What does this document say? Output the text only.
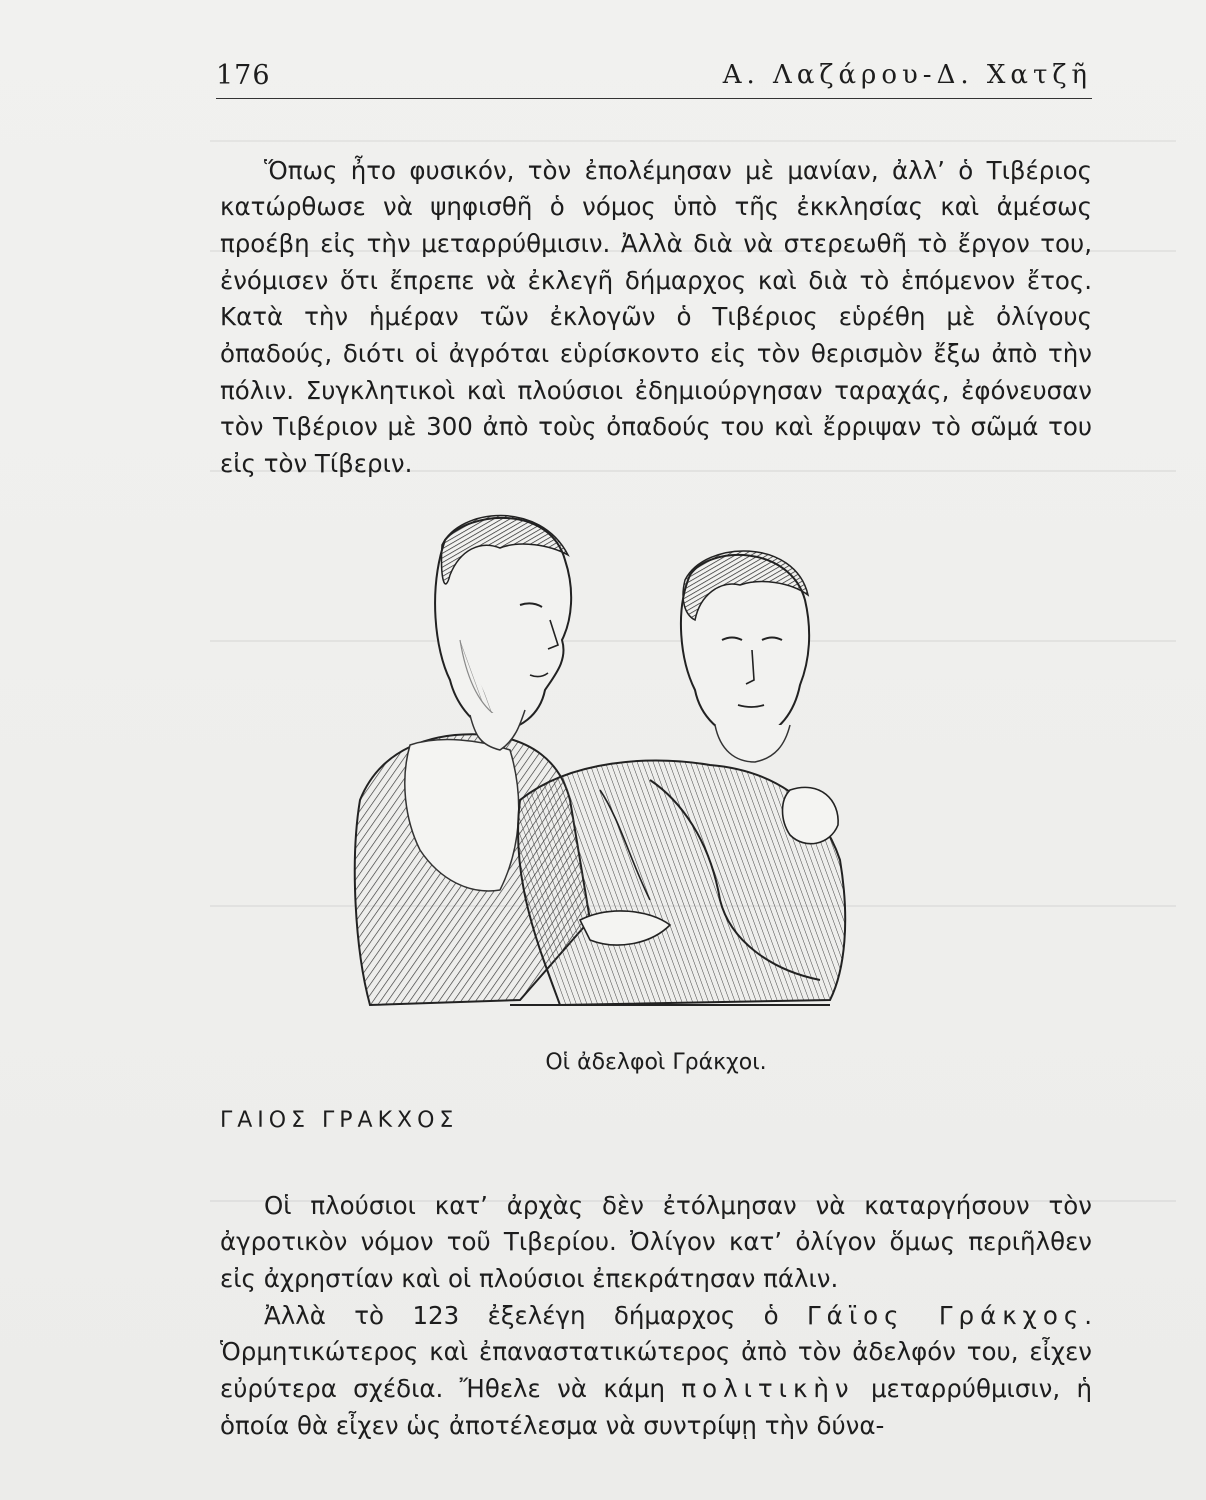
176	Α. Λαζάρου-Δ. Χατζῆ

Ὅπως ἦτο φυσικόν, τὸν ἐπολέμησαν μὲ μανίαν, ἀλλ’ ὁ Τιβέριος κατώρθωσε νὰ ψηφισθῆ ὁ νόμος ὑπὸ τῆς ἐκκλησίας καὶ ἀμέσως προέβη εἰς τὴν μεταρρύθμισιν. Ἀλλὰ διὰ νὰ στερεωθῆ τὸ ἔργον του, ἐνόμισεν ὅτι ἔπρεπε νὰ ἐκλεγῆ δήμαρχος καὶ διὰ τὸ ἑπόμενον ἔτος. Κατὰ τὴν ἡμέραν τῶν ἐκλογῶν ὁ Τιβέριος εὑρέθη μὲ ὀλίγους ὀπαδούς, διότι οἱ ἀγρόται εὑρίσκοντο εἰς τὸν θερισμὸν ἔξω ἀπὸ τὴν πόλιν. Συγκλητικοὶ καὶ πλούσιοι ἐδημιούργησαν ταραχάς, ἐφόνευσαν τὸν Τιβέριον μὲ 300 ἀπὸ τοὺς ὀπαδούς του καὶ ἔρριψαν τὸ σῶμά του εἰς τὸν Τίβεριν.

Οἱ ἀδελφοὶ Γράκχοι.
ΓΑΙΟΣ ΓΡΑΚΧΟΣ

Οἱ πλούσιοι κατ’ ἀρχὰς δὲν ἐτόλμησαν νὰ καταργήσουν τὸν ἀγροτικὸν νόμον τοῦ Τιβερίου. Ὀλίγον κατ’ ὀλίγον ὅμως περιῆλθεν εἰς ἀχρηστίαν καὶ οἱ πλούσιοι ἐπεκράτησαν πάλιν.

Ἀλλὰ τὸ 123 ἐξελέγη δήμαρχος ὁ Γάϊος Γράκχος. Ὁρμητικώτερος καὶ ἐπαναστατικώτερος ἀπὸ τὸν ἀδελφόν του, εἶχεν εὐρύτερα σχέδια. Ἤθελε νὰ κάμη πολιτικὴν μεταρρύθμισιν, ἡ ὁποία θὰ εἶχεν ὡς ἀποτέλεσμα νὰ συντρίψῃ τὴν δύνα-
